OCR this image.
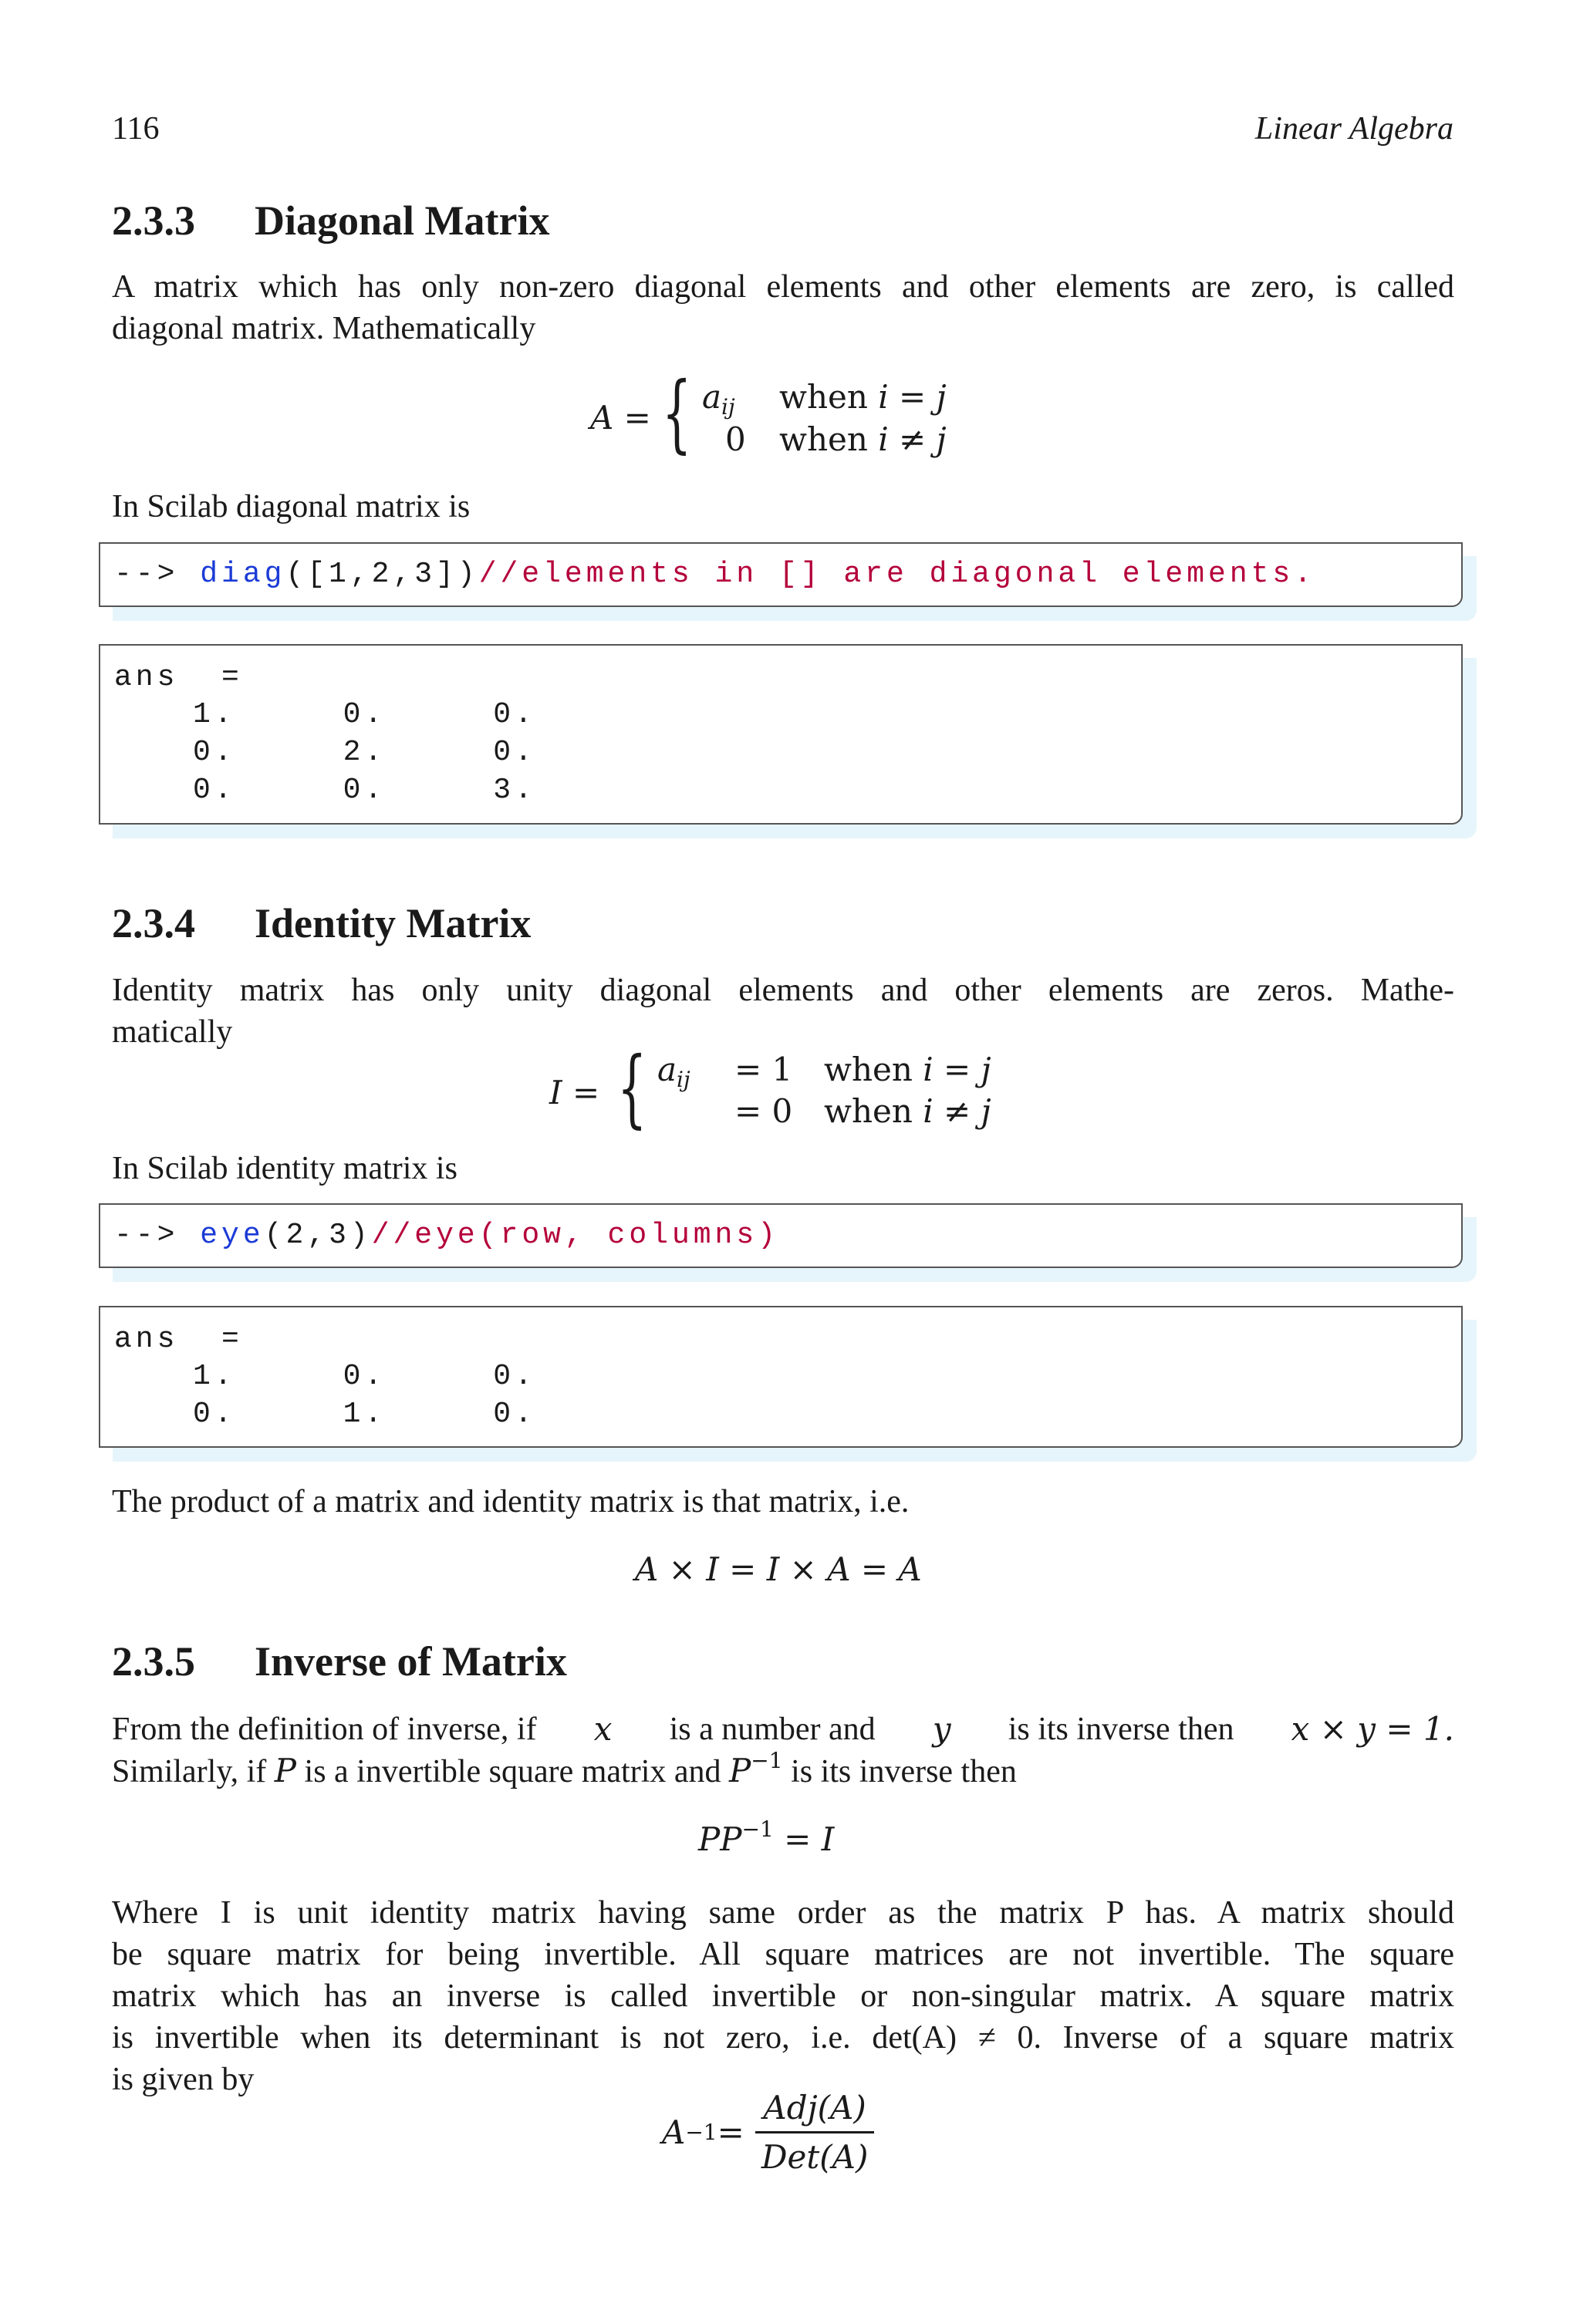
116	Linear Algebra
2.3.3 Diagonal Matrix
A matrix which has only non-zero diagonal elements and other elements are zero, is called
diagonal matrix. Mathematically
A = { $a_{ij}$ when i = j
0 when i ≠ j
In Scilab diagonal matrix is
--> diag([1,2,3])//elements in [] are diagonal elements.
ans  =
1.     0.     0.
0.     2.     0.
0.     0.     3.
2.3.4 Identity Matrix
Identity matrix has only unity diagonal elements and other elements are zeros. Mathe-
matically
I = { $a_{ij} = 1$ when i = j
= 0 when i ≠ j
In Scilab identity matrix is
--> eye(2,3)//eye(row, columns)
ans  =
1.     0.     0.
0.     1.     0.
The product of a matrix and identity matrix is that matrix, i.e.
A × I = I × A = A
2.3.5 Inverse of Matrix
From the definition of inverse, if x is a number and y is its inverse then x × y = 1.
Similarly, if P is a invertible square matrix and $P^{-1}$ is its inverse then
$PP^{-1} = I$
Where I is unit identity matrix having same order as the matrix P has. A matrix should
be square matrix for being invertible. All square matrices are not invertible. The square
matrix which has an inverse is called invertible or non-singular matrix. A square matrix
is invertible when its determinant is not zero, i.e. det(A) ≠ 0. Inverse of a square matrix
is given by
$A -1 = \frac{\text{Adj(A)}}{\text{Det(A)}}$
